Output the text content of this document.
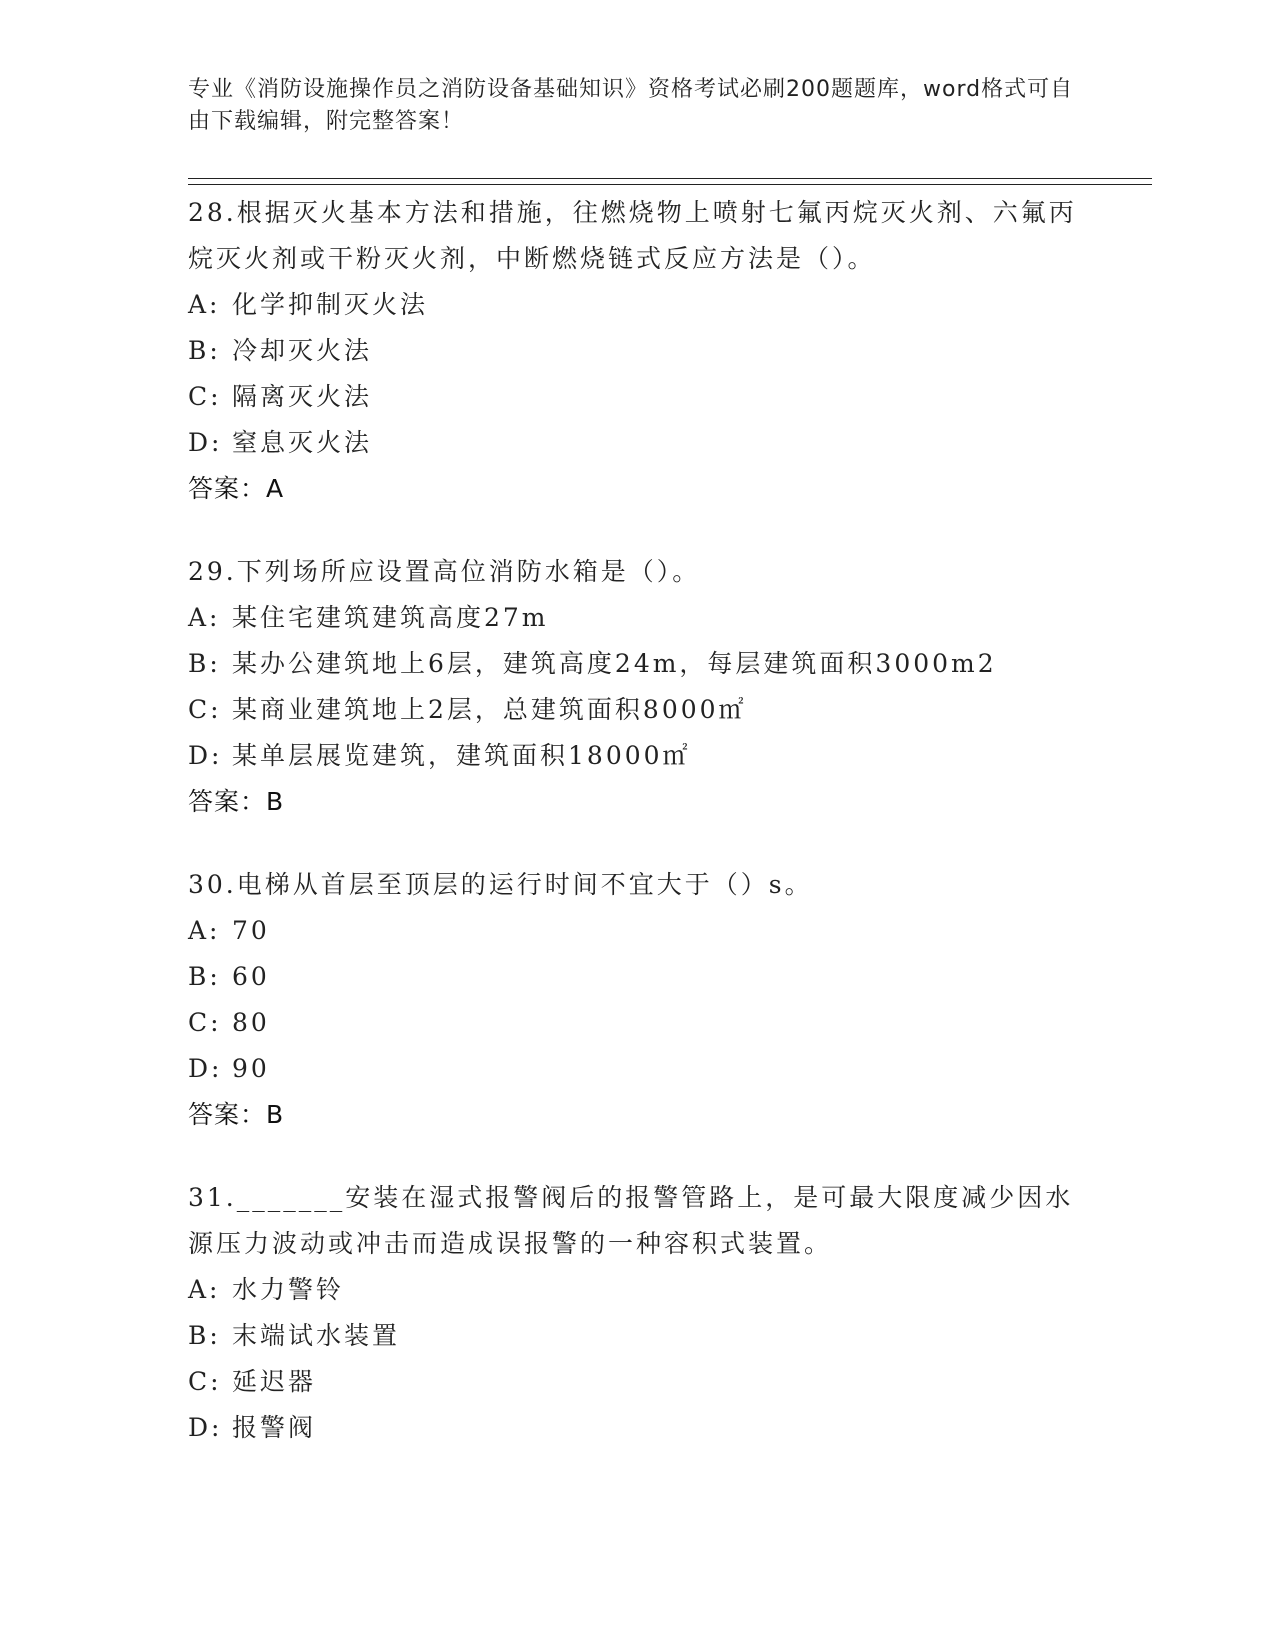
专业《消防设施操作员之消防设备基础知识》资格考试必刷200题题库，word格式可自由下载编辑，附完整答案！
28.根据灭火基本方法和措施，往燃烧物上喷射七氟丙烷灭火剂、六氟丙烷灭火剂或干粉灭火剂，中断燃烧链式反应方法是（）。
A: 化学抑制灭火法
B: 冷却灭火法
C: 隔离灭火法
D: 窒息灭火法
答案：A
29.下列场所应设置高位消防水箱是（）。
A: 某住宅建筑建筑高度27m
B: 某办公建筑地上6层，建筑高度24m，每层建筑面积3000m2
C: 某商业建筑地上2层，总建筑面积8000㎡
D: 某单层展览建筑，建筑面积18000㎡
答案：B
30.电梯从首层至顶层的运行时间不宜大于（）s。
A: 70
B: 60
C: 80
D: 90
答案：B
31._______安装在湿式报警阀后的报警管路上，是可最大限度减少因水源压力波动或冲击而造成误报警的一种容积式装置。
A: 水力警铃
B: 末端试水装置
C: 延迟器
D: 报警阀
